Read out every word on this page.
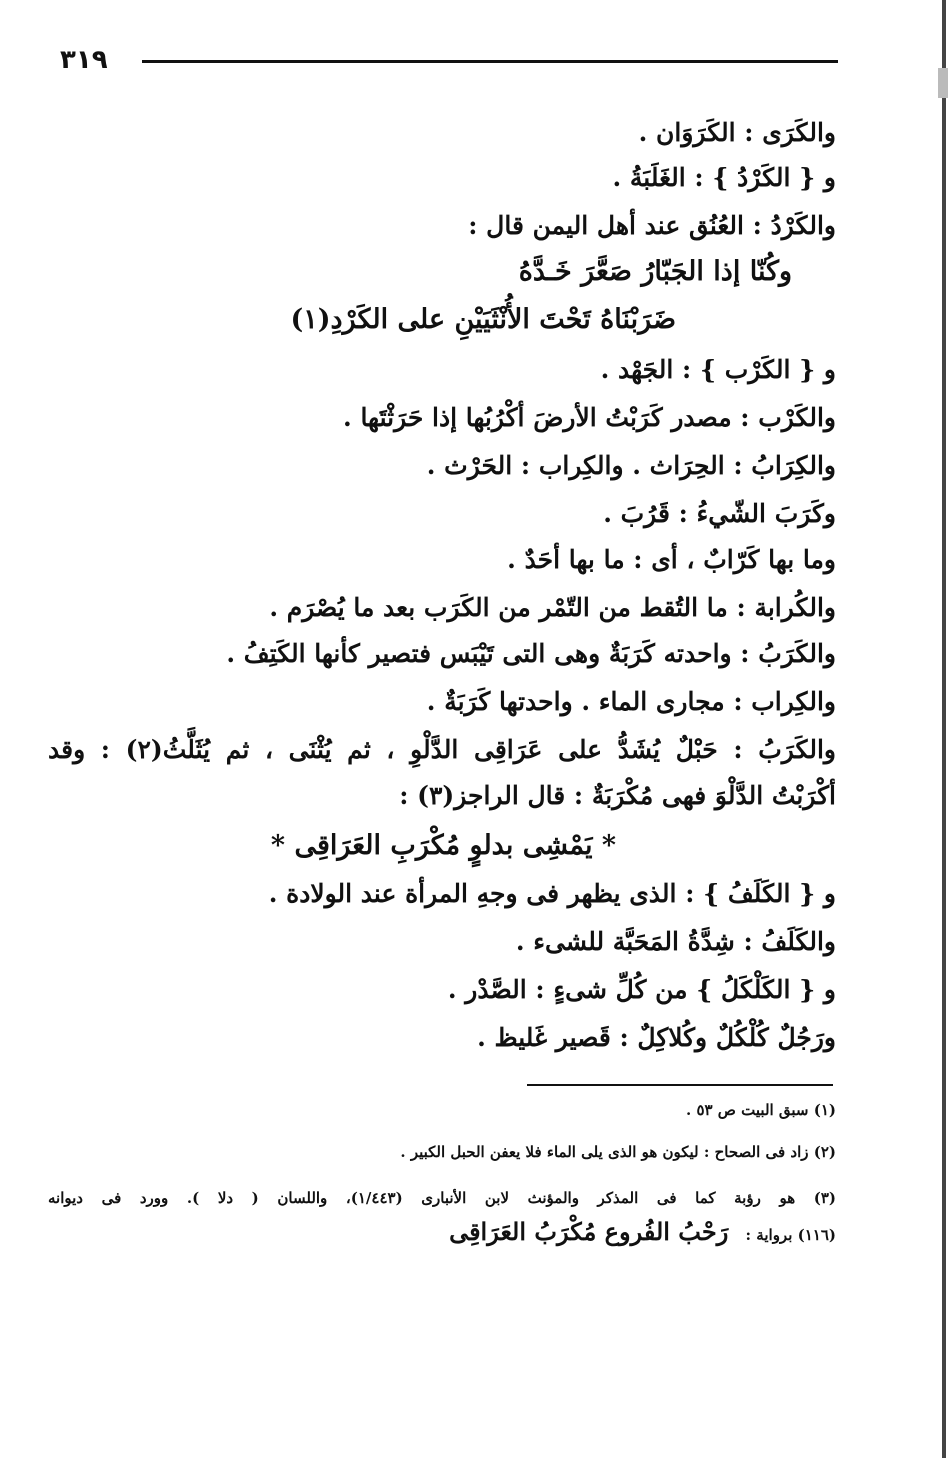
٣١٩
والكَرَى : الكَرَوَان .
و { الكَرْدُ } : الغَلَبَةُ .
والكَرْدُ : العُنُق عند أهل اليمن قال :
وكُنّا إذا الجَبّارُ صَعَّرَ خَـدَّهُ
ضَرَبْنَاهُ تَحْتَ الأُنْثَيَيْنِ على الكَرْدِ(١)
و { الكَرْب } : الجَهْد .
والكَرْب : مصدر كَرَبْتُ الأرضَ أكْرُبُها إذا حَرَثْتَها .
والكِرَابُ : الحِرَاث . والكِراب : الحَرْث .
وكَرَبَ الشّيءُ : قَرُبَ .
وما بها كَرّابٌ ، أى : ما بها أحَدٌ .
والكُرابة : ما التُقط من التّمْر من الكَرَب بعد ما يُصْرَم .
والكَرَبُ : واحدته كَرَبَةٌ وهى التى تَيْبَس فتصير كأنها الكَتِفُ .
والكِراب : مجارى الماء . واحدتها كَرَبَةٌ .
والكَرَبُ : حَبْلٌ يُشَدُّ على عَرَاقِى الدَّلْوِ ، ثم يُثْنَى ، ثم يُثَلَّثُ(٢) : وقد
أكْرَبْتُ الدَّلْوَ فهى مُكْرَبَةٌ : قال الراجز(٣) :
* يَمْشِى بدلوٍ مُكْرَبِ العَرَاقِى *
و { الكَلَفُ } : الذى يظهر فى وجهِ المرأة عند الولادة .
والكَلَفُ : شِدَّةُ المَحَبَّة للشىء .
و { الكَلْكَلُ } من كُلِّ شىءٍ : الصَّدْر .
ورَجُلٌ كُلْكُلٌ وكُلاكِلٌ : قَصير غَليظ .
(١) سبق البيت ص ٥٣ .
(٢) زاد فى الصحاح : ليكون هو الذى يلى الماء فلا يعفن الحبل الكبير .
(٣) هو رؤبة كما فى المذكر والمؤنث لابن الأنبارى (١/٤٤٣)، واللسان ( دلا ). وورد فى ديوانه
(١١٦) برواية : رَحْبُ الفُروع مُكْرَبُ العَرَاقِى
